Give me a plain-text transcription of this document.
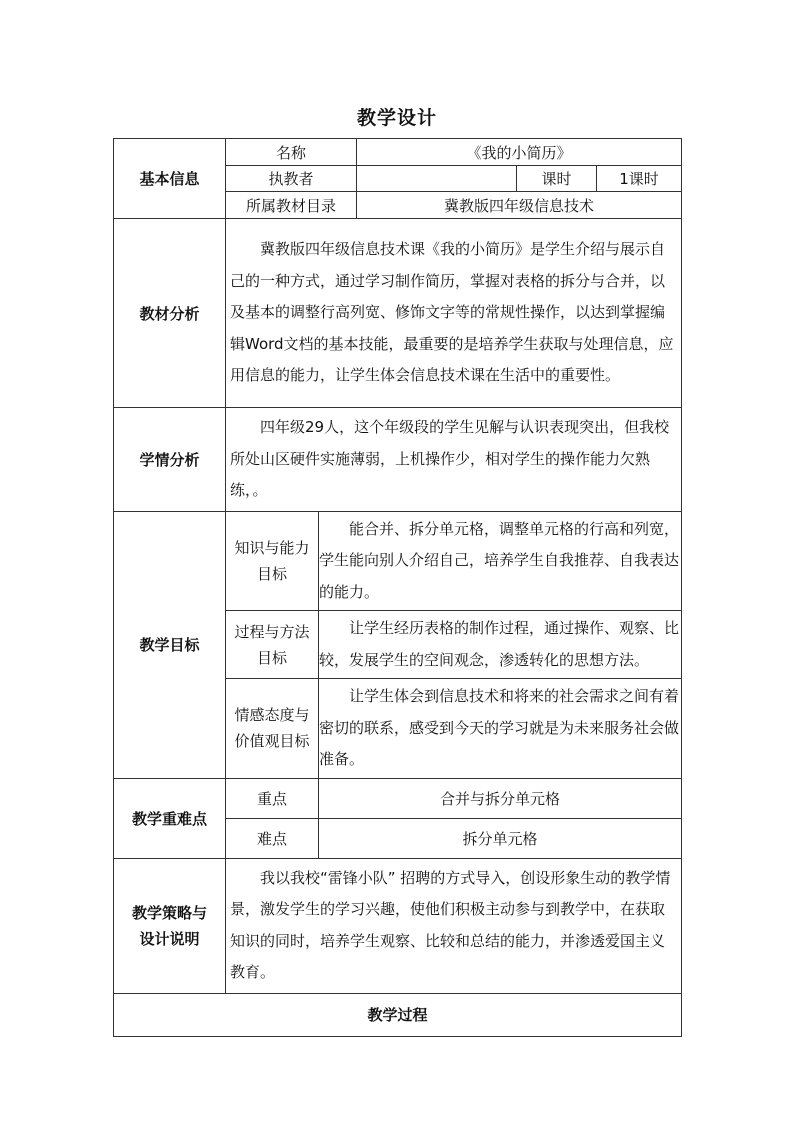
教学设计
基本信息	名称		《我的小简历》		
	执教者			课时	1课时
	所属教材目录		冀教版四年级信息技术		
教材分析	冀教版四年级信息技术课《我的小简历》是学生介绍与展示自己的一种方式，通过学习制作简历，掌握对表格的拆分与合并，以及基本的调整行高列宽、修饰文字等的常规性操作，以达到掌握编辑Word文档的基本技能，最重要的是培养学生获取与处理信息，应用信息的能力，让学生体会信息技术课在生活中的重要性。				
学情分析	四年级29人，这个年级段的学生见解与认识表现突出，但我校所处山区硬件实施薄弱，上机操作少，相对学生的操作能力欠熟练，。				
教学目标	知识与能力目标	能合并、拆分单元格，调整单元格的行高和列宽，学生能向别人介绍自己，培养学生自我推荐、自我表达的能力。			
	过程与方法目标	让学生经历表格的制作过程，通过操作、观察、比较，发展学生的空间观念，渗透转化的思想方法。			
	情感态度与价值观目标	让学生体会到信息技术和将来的社会需求之间有着密切的联系，感受到今天的学习就是为未来服务社会做准备。			
教学重难点	重点	合并与拆分单元格			
	难点	拆分单元格			
教学策略与设计说明	我以我校“雷锋小队” 招聘的方式导入，创设形象生动的教学情景，激发学生的学习兴趣，使他们积极主动参与到教学中，在获取知识的同时，培养学生观察、比较和总结的能力，并渗透爱国主义教育。				
教学过程					
